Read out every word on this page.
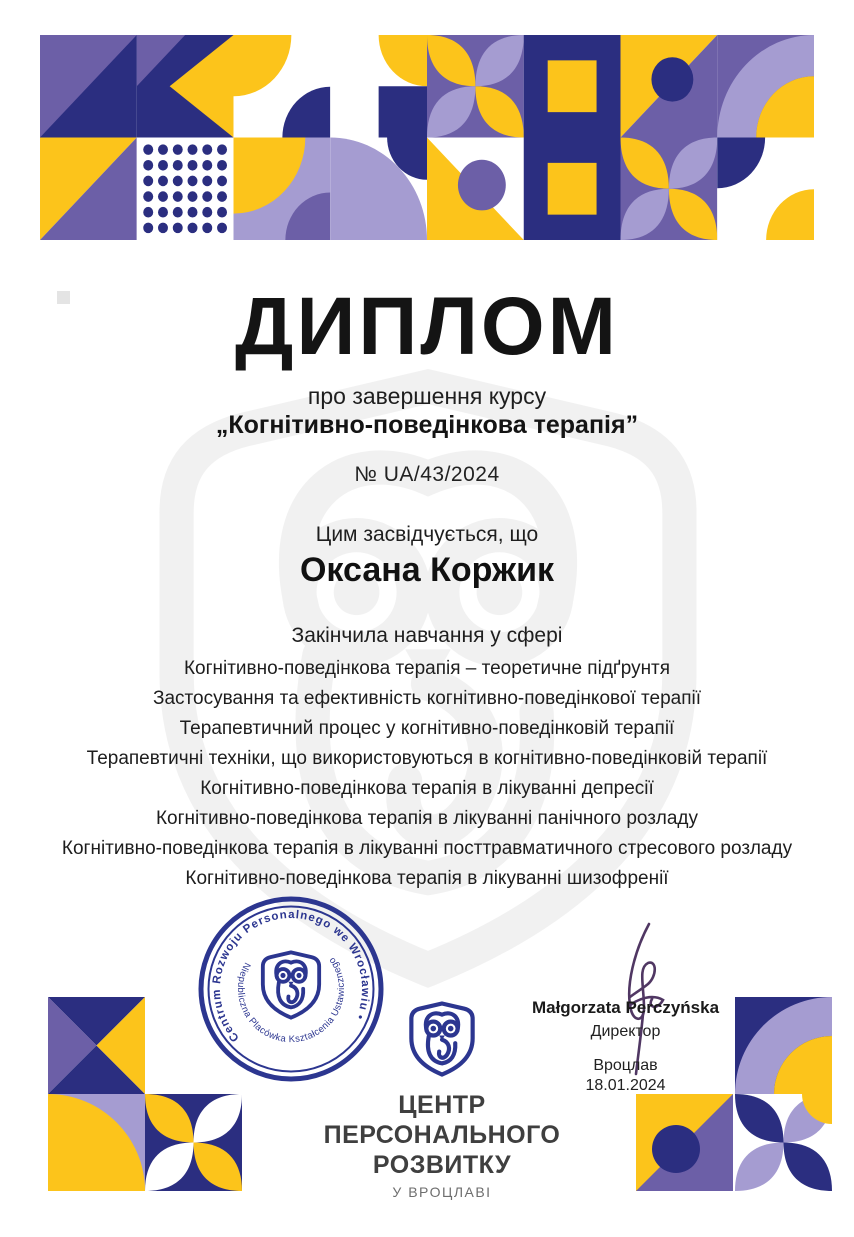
ДИПЛОМ
про завершення курсу
„Когнітивно-поведінкова терапія”
№ UA/43/2024
Цим засвідчується, що
Оксана Коржик
Закінчила навчання у сфері
Когнітивно-поведінкова терапія – теоретичне підґрунтя
Застосування та ефективність когнітивно-поведінкової терапії
Терапевтичний процес у когнітивно-поведінковій терапії
Терапевтичні техніки, що використовуються в когнітивно-поведінковій терапії
Когнітивно-поведінкова терапія в лікуванні депресії
Когнітивно-поведінкова терапія в лікуванні панічного розладу
Когнітивно-поведінкова терапія в лікуванні посттравматичного стресового розладу
Когнітивно-поведінкова терапія в лікуванні шизофренії
Centrum Rozwoju Personalnego we Wrocławiu •
Niepubliczna Placówka Kształcenia Ustawicznego
ЦЕНТР
ПЕРСОНАЛЬНОГО
РОЗВИТКУ
У ВРОЦЛАВІ
Małgorzata Perczyńska
Директор
Вроцлав
18.01.2024
